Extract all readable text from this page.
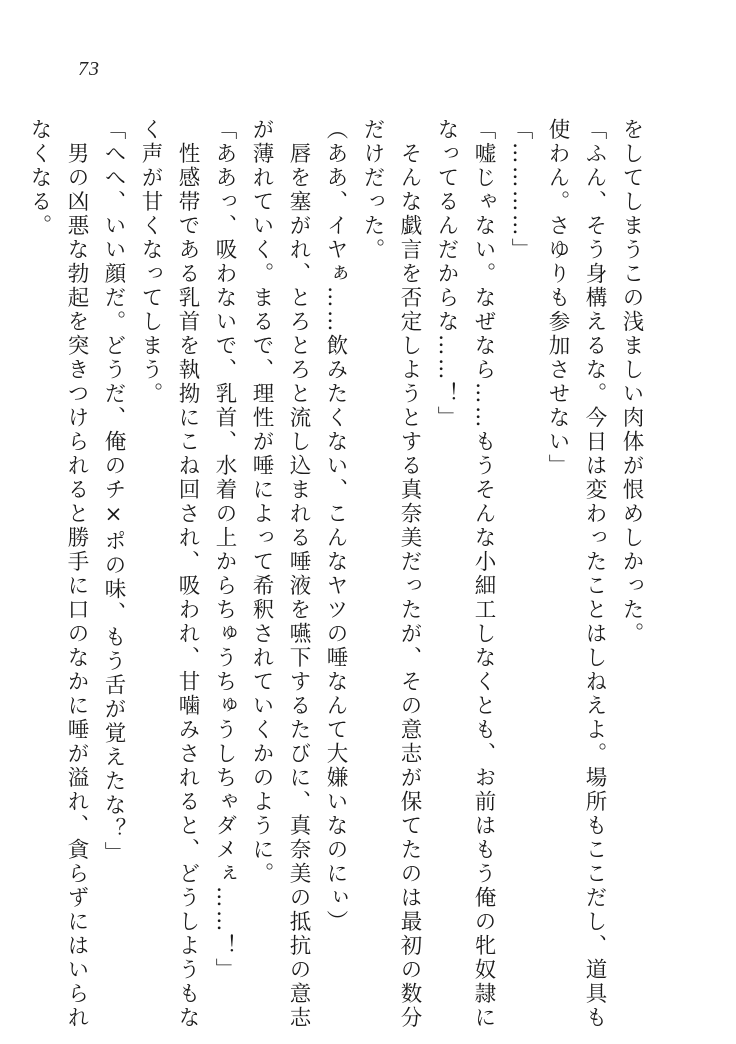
73
をしてしまうこの浅ましい肉体が恨めしかった。
「ふん、そう身構えるな。今日は変わったことはしねえよ。場所もここだし、道具も
使わん。さゆりも参加させない」
「…………」
「嘘じゃない。なぜなら……もうそんな小細工しなくとも、お前はもう俺の牝奴隷に
なってるんだからな……！」
　そんな戯言を否定しようとする真奈美だったが、その意志が保てたのは最初の数分
だけだった。
（ああ、イヤぁ……飲みたくない、こんなヤツの唾なんて大嫌いなのにぃ）
　唇を塞がれ、とろとろと流し込まれる唾液を嚥下するたびに、真奈美の抵抗の意志
が薄れていく。まるで、理性が唾によって希釈されていくかのように。
「ああっ、吸わないで、乳首、水着の上からちゅうちゅうしちゃダメぇ……！」
　性感帯である乳首を執拗にこね回され、吸われ、甘噛みされると、どうしようもな
く声が甘くなってしまう。
「へへ、いい顔だ。どうだ、俺のチ×ポの味、もう舌が覚えたな？」
　男の凶悪な勃起を突きつけられると勝手に口のなかに唾が溢れ、貪らずにはいられ
なくなる。
